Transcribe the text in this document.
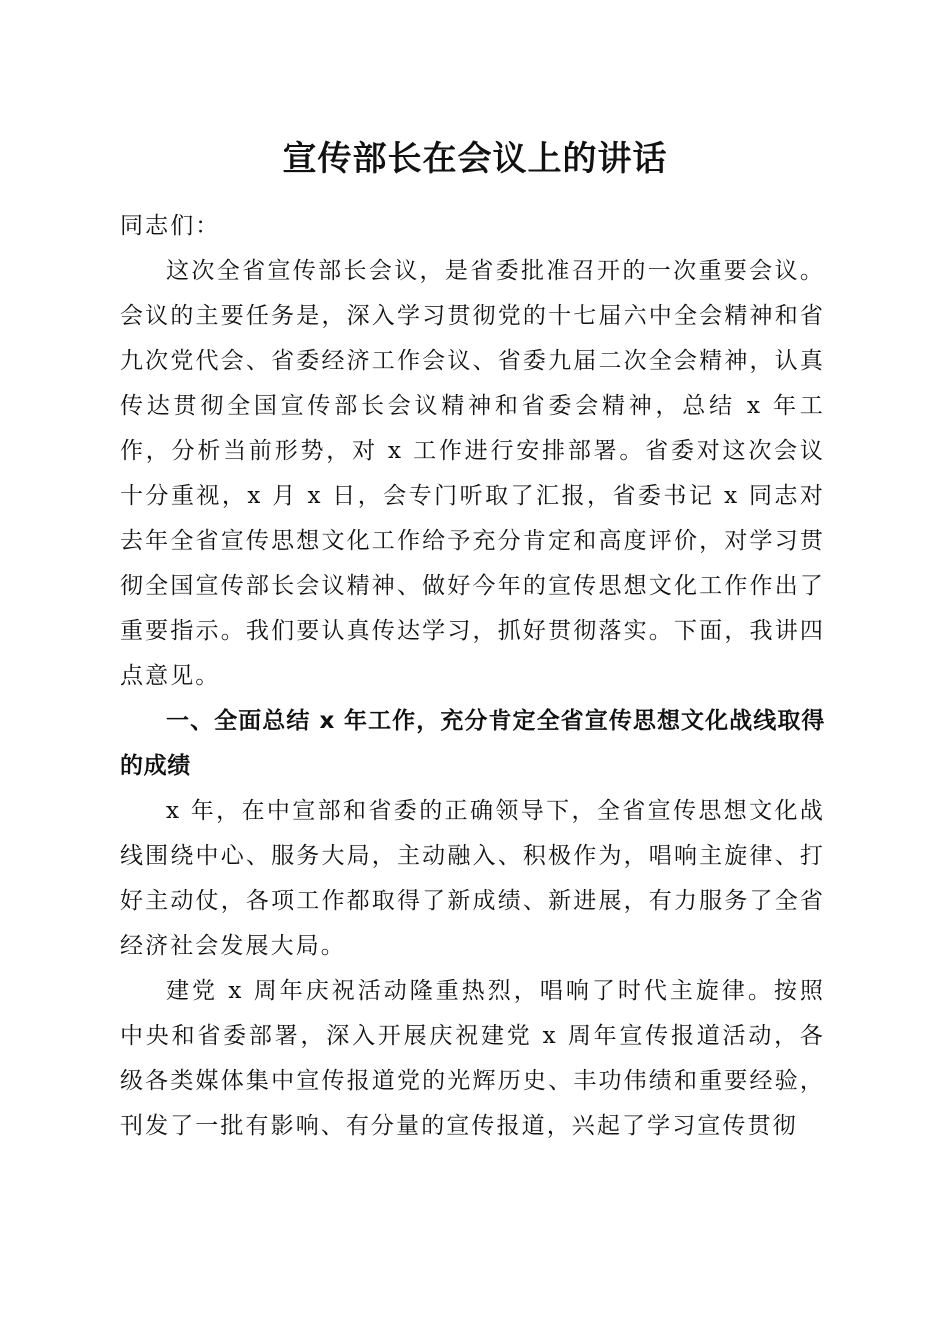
宣传部长在会议上的讲话

同志们：

这次全省宣传部长会议，是省委批准召开的一次重要会议。会议的主要任务是，深入学习贯彻党的十七届六中全会精神和省九次党代会、省委经济工作会议、省委九届二次全会精神，认真传达贯彻全国宣传部长会议精神和省委会精神，总结 x 年工作，分析当前形势，对 x 工作进行安排部署。省委对这次会议十分重视，x 月 x 日，会专门听取了汇报，省委书记 x 同志对去年全省宣传思想文化工作给予充分肯定和高度评价，对学习贯彻全国宣传部长会议精神、做好今年的宣传思想文化工作作出了重要指示。我们要认真传达学习，抓好贯彻落实。下面，我讲四点意见。

一、全面总结 x 年工作，充分肯定全省宣传思想文化战线取得的成绩

x 年，在中宣部和省委的正确领导下，全省宣传思想文化战线围绕中心、服务大局，主动融入、积极作为，唱响主旋律、打好主动仗，各项工作都取得了新成绩、新进展，有力服务了全省经济社会发展大局。

建党 x 周年庆祝活动隆重热烈，唱响了时代主旋律。按照中央和省委部署，深入开展庆祝建党 x 周年宣传报道活动，各级各类媒体集中宣传报道党的光辉历史、丰功伟绩和重要经验，刊发了一批有影响、有分量的宣传报道，兴起了学习宣传贯彻
